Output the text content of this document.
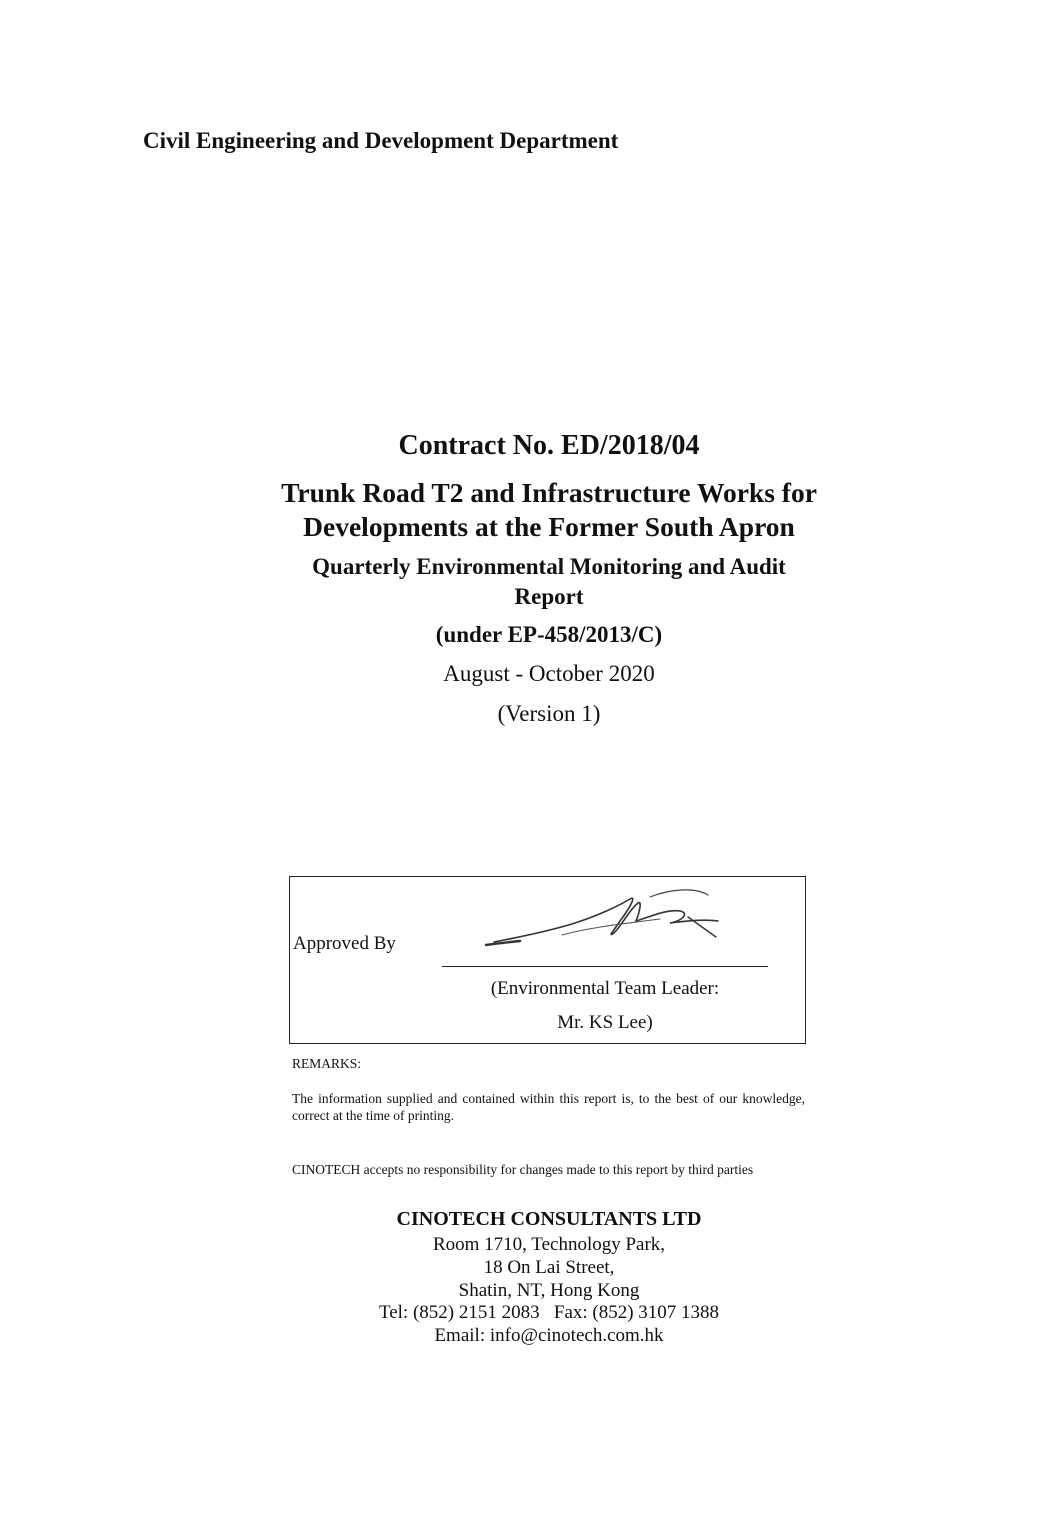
Civil Engineering and Development Department
Contract No. ED/2018/04
Trunk Road T2 and Infrastructure Works for
Developments at the Former South Apron
Quarterly Environmental Monitoring and Audit
Report
(under EP-458/2013/C)
August - October 2020
(Version 1)
Approved By
(Environmental Team Leader:
Mr. KS Lee)
REMARKS:
The information supplied and contained within this report is, to the best of our knowledge, correct at the time of printing.
CINOTECH accepts no responsibility for changes made to this report by third parties
CINOTECH CONSULTANTS LTD
Room 1710, Technology Park,
18 On Lai Street,
Shatin, NT, Hong Kong
Tel: (852) 2151 2083 Fax: (852) 3107 1388
Email: info@cinotech.com.hk
